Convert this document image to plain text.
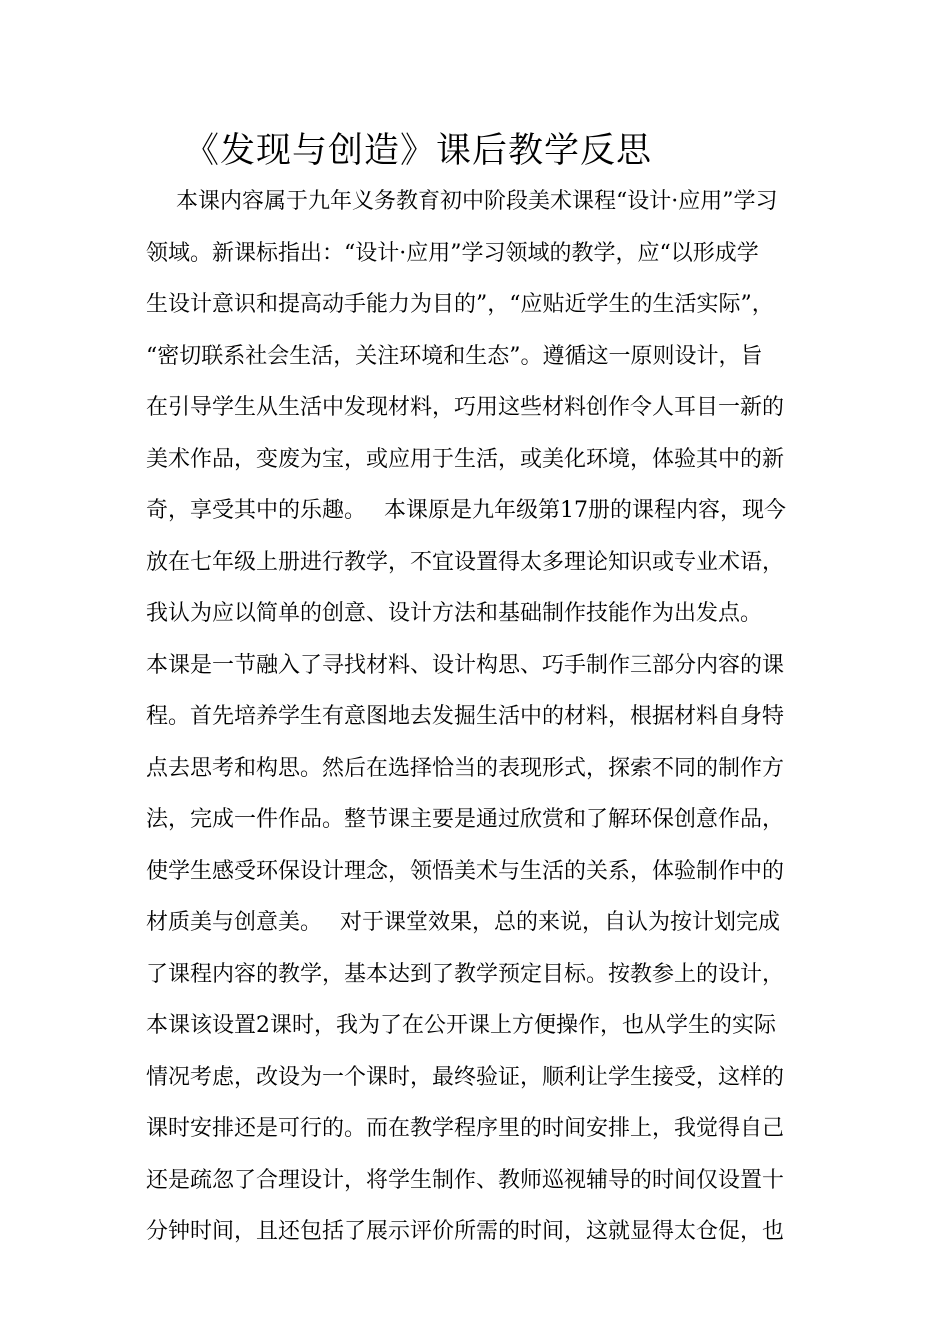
《发现与创造》课后教学反思
本课内容属于九年义务教育初中阶段美术课程“设计·应用”学习
领域。新课标指出：“设计·应用”学习领域的教学，应“以形成学
生设计意识和提高动手能力为目的”，“应贴近学生的生活实际”，
“密切联系社会生活，关注环境和生态”。遵循这一原则设计，旨
在引导学生从生活中发现材料，巧用这些材料创作令人耳目一新的
美术作品，变废为宝，或应用于生活，或美化环境，体验其中的新
奇，享受其中的乐趣。　 本课原是九年级第17册的课程内容，现今
放在七年级上册进行教学，不宜设置得太多理论知识或专业术语，
我认为应以简单的创意、设计方法和基础制作技能作为出发点。
本课是一节融入了寻找材料、设计构思、巧手制作三部分内容的课
程。首先培养学生有意图地去发掘生活中的材料，根据材料自身特
点去思考和构思。然后在选择恰当的表现形式，探索不同的制作方
法，完成一件作品。整节课主要是通过欣赏和了解环保创意作品，
使学生感受环保设计理念，领悟美术与生活的关系，体验制作中的
材质美与创意美。　 对于课堂效果，总的来说，自认为按计划完成
了课程内容的教学，基本达到了教学预定目标。按教参上的设计，
本课该设置2课时，我为了在公开课上方便操作，也从学生的实际
情况考虑，改设为一个课时，最终验证，顺利让学生接受，这样的
课时安排还是可行的。而在教学程序里的时间安排上，我觉得自己
还是疏忽了合理设计，将学生制作、教师巡视辅导的时间仅设置十
分钟时间，且还包括了展示评价所需的时间，这就显得太仓促，也
